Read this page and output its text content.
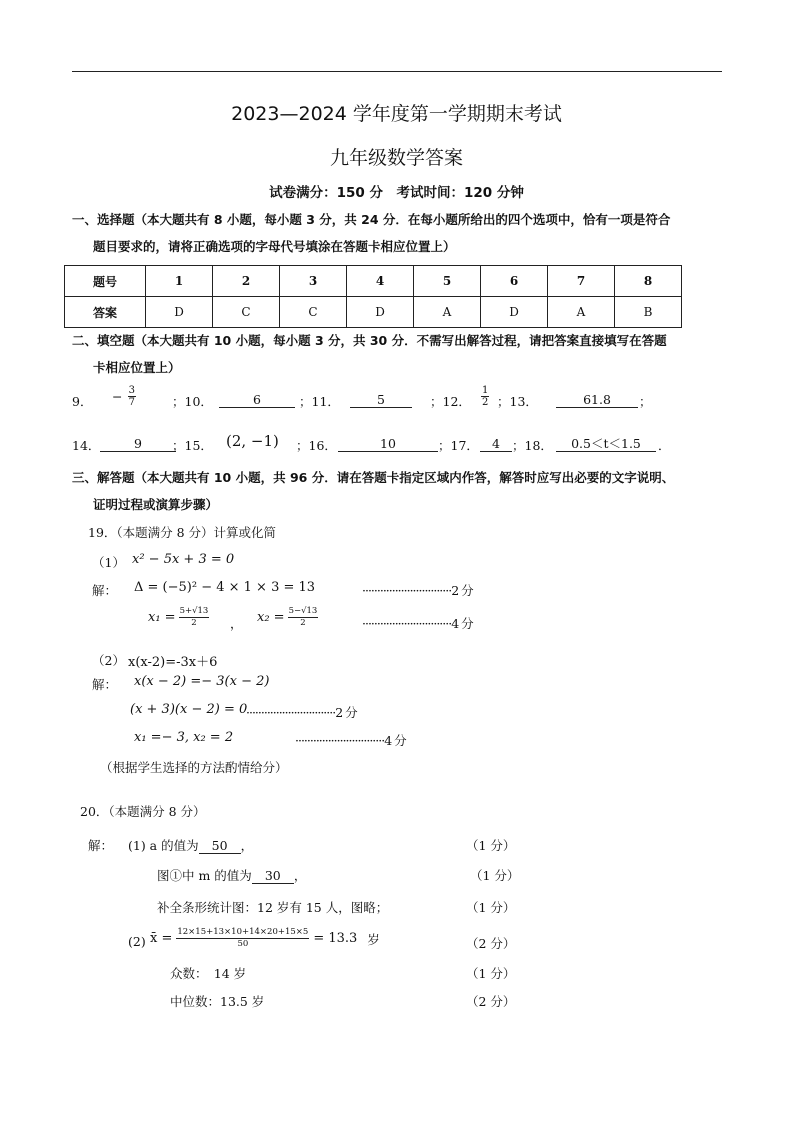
2023—2024 学年度第一学期期末考试
九年级数学答案
试卷满分：150 分　考试时间：120 分钟
一、选择题（本大题共有 8 小题，每小题 3 分，共 24 分．在每小题所给出的四个选项中，恰有一项是符合
题目要求的，请将正确选项的字母代号填涂在答题卡相应位置上）
题号	1	2	3	4	5	6	7	8
答案	D	C	C	D	A	D	A	B
二、填空题（本大题共有 10 小题，每小题 3 分，共 30 分．不需写出解答过程，请把答案直接填写在答题
卡相应位置上）
9． − $\frac{3}{7}$	；10．	6	；11．	5	；12． $\frac{1}{2}$ ；13．	61.8	；
14．	9	；15． (2, −1) ；16．	10	；17．	4 ；18．	0.5＜t＜1.5	．
三、解答题（本大题共有 10 小题，共 96 分．请在答题卡指定区域内作答，解答时应写出必要的文字说明、
证明过程或演算步骤）
19．（本题满分 8 分）计算或化简
（1） x² − 5x + 3 = 0
解： Δ = (−5)² − 4 × 1 × 3 = 13	······························2 分
$x_1 = \frac{5+√13}{2}$ ， $x_2 = \frac{5-√13}{2}$	······························4 分
（2） x(x-2)=-3x＋6
解： x(x − 2) =− 3(x − 2)
(x + 3)(x − 2) = 0
······························2 分
x₁ =− 3, x₂ = 2	······························4 分
（根据学生选择的方法酌情给分）
20．（本题满分 8 分）
解： (1) a 的值为 50 ，	（1 分）
图①中 m 的值为 30 ，	（1 分）
补全条形统计图：12 岁有 15 人，图略；	（1 分）
(2) x̄ = $\frac{12\times 15+13\times 10+14\times 20+15\times 5}{50} = 13.3$ 岁	（2 分）
众数：　14 岁	（1 分）
中位数：13.5 岁	（2 分）
